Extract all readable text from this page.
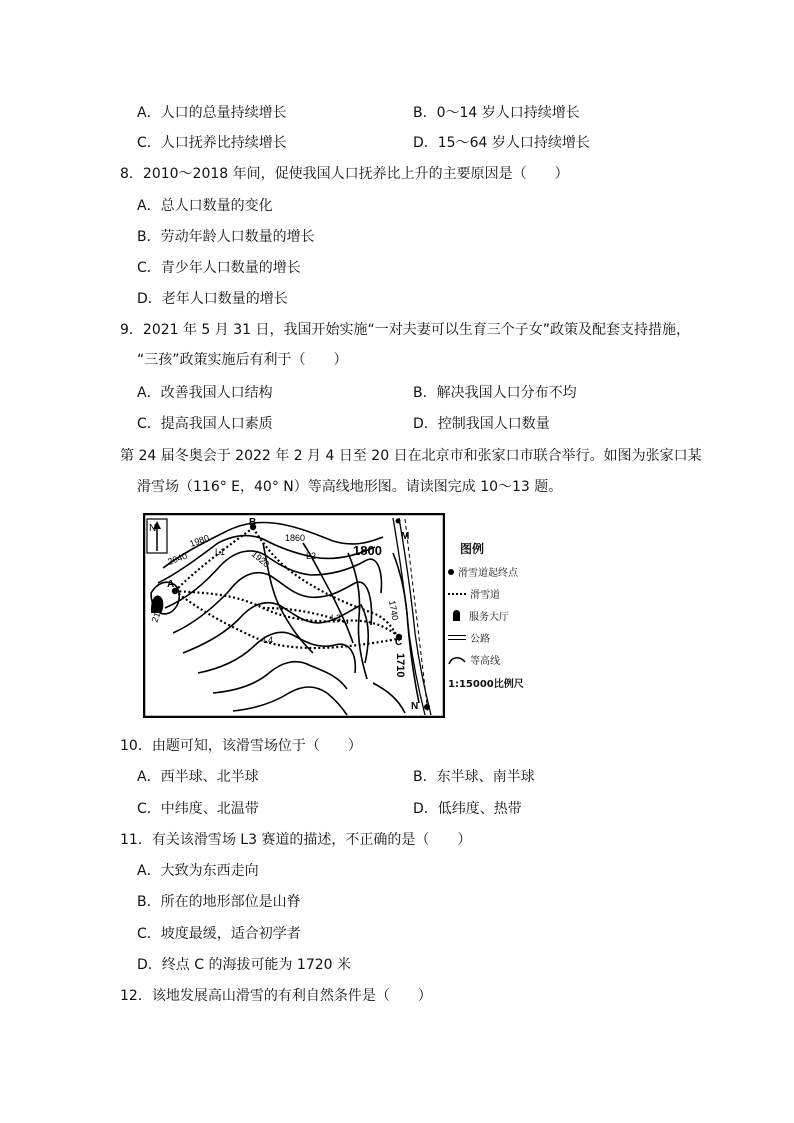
A．人口的总量持续增长	B．0～14 岁人口持续增长
C．人口抚养比持续增长	D．15～64 岁人口持续增长
8．2010～2018 年间，促使我国人口抚养比上升的主要原因是（　　）
A．总人口数量的变化
B．劳动年龄人口数量的增长
C．青少年人口数量的增长
D．老年人口数量的增长
9．2021 年 5 月 31 日，我国开始实施“一对夫妻可以生育三个子女”政策及配套支持措施，
“三孩”政策实施后有利于（　　）
A．改善我国人口结构	B．解决我国人口分布不均
C．提高我国人口素质	D．控制我国人口数量
第 24 届冬奥会于 2022 年 2 月 4 日至 20 日在北京市和张家口市联合举行。如图为张家口某
滑雪场（116° E，40° N）等高线地形图。请读图完成 10～13 题。
N
A
B
C
M
N
L1	L2
L3
L4
1980
2040	1920
1860
1800
1740
1710
2100
图例
滑雪道起终点
滑雪道
服务大厅
公路
等高线
1:15000比例尺
10．由题可知，该滑雪场位于（　　）
A．西半球、北半球	B．东半球、南半球
C．中纬度、北温带	D．低纬度、热带
11．有关该滑雪场 L3 赛道的描述，不正确的是（　　）
A．大致为东西走向
B．所在的地形部位是山脊
C．坡度最缓，适合初学者
D．终点 C 的海拔可能为 1720 米
12．该地发展高山滑雪的有利自然条件是（　　）
